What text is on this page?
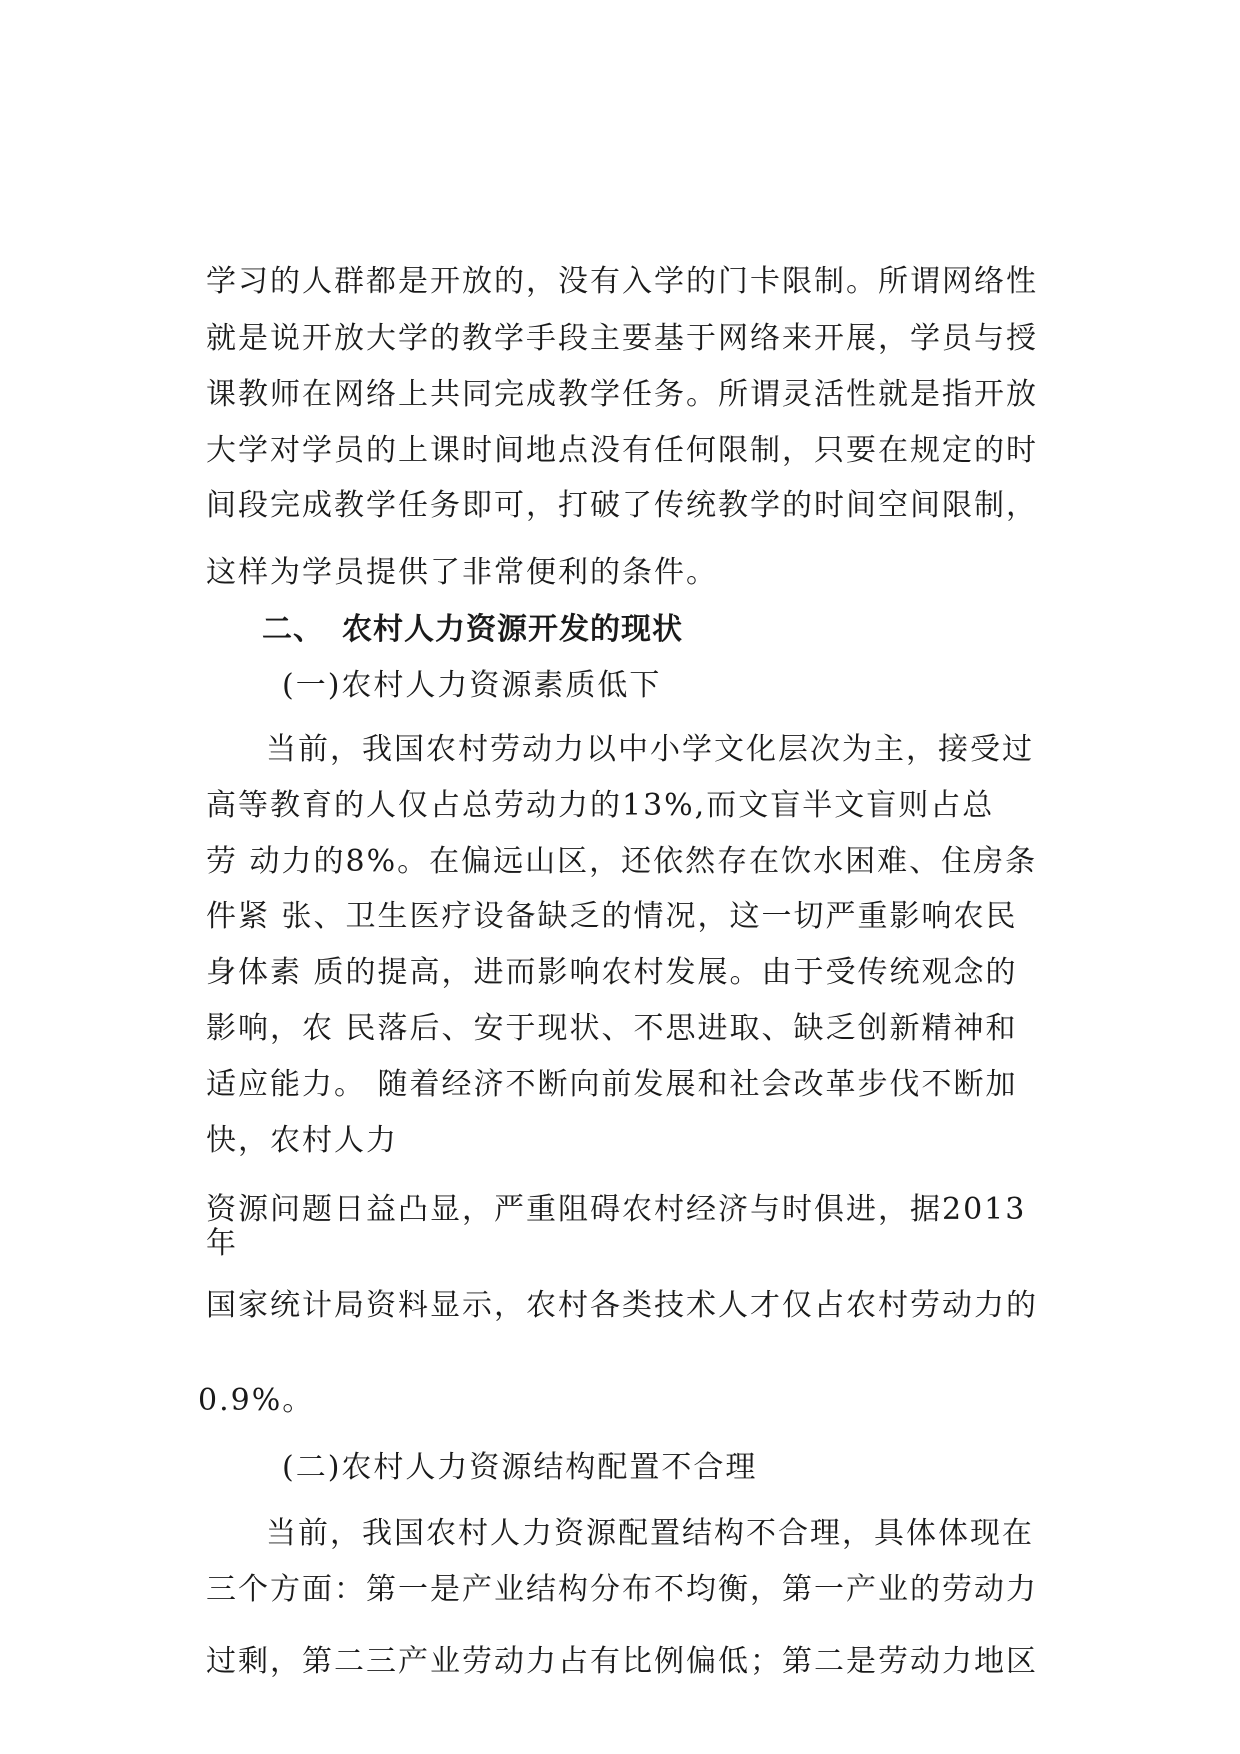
学习的人群都是开放的，没有入学的门卡限制。所谓网络性
就是说开放大学的教学手段主要基于网络来开展，学员与授
课教师在网络上共同完成教学任务。所谓灵活性就是指开放
大学对学员的上课时间地点没有任何限制，只要在规定的时
间段完成教学任务即可，打破了传统教学的时间空间限制，
这样为学员提供了非常便利的条件。
二、 农村人力资源开发的现状
(一)农村人力资源素质低下
当前，我国农村劳动力以中小学文化层次为主，接受过
高等教育的人仅占总劳动力的13%,而文盲半文盲则占总
劳 动力的8%。在偏远山区，还依然存在饮水困难、住房条
件紧 张、卫生医疗设备缺乏的情况，这一切严重影响农民
身体素 质的提高，进而影响农村发展。由于受传统观念的
影响，农 民落后、安于现状、不思进取、缺乏创新精神和
适应能力。 随着经济不断向前发展和社会改革步伐不断加
快，农村人力
资源问题日益凸显，严重阻碍农村经济与时俱进，据2013
年
国家统计局资料显示，农村各类技术人才仅占农村劳动力的
0.9%。
(二)农村人力资源结构配置不合理
当前，我国农村人力资源配置结构不合理，具体体现在
三个方面：第一是产业结构分布不均衡，第一产业的劳动力
过剩，第二三产业劳动力占有比例偏低；第二是劳动力地区
